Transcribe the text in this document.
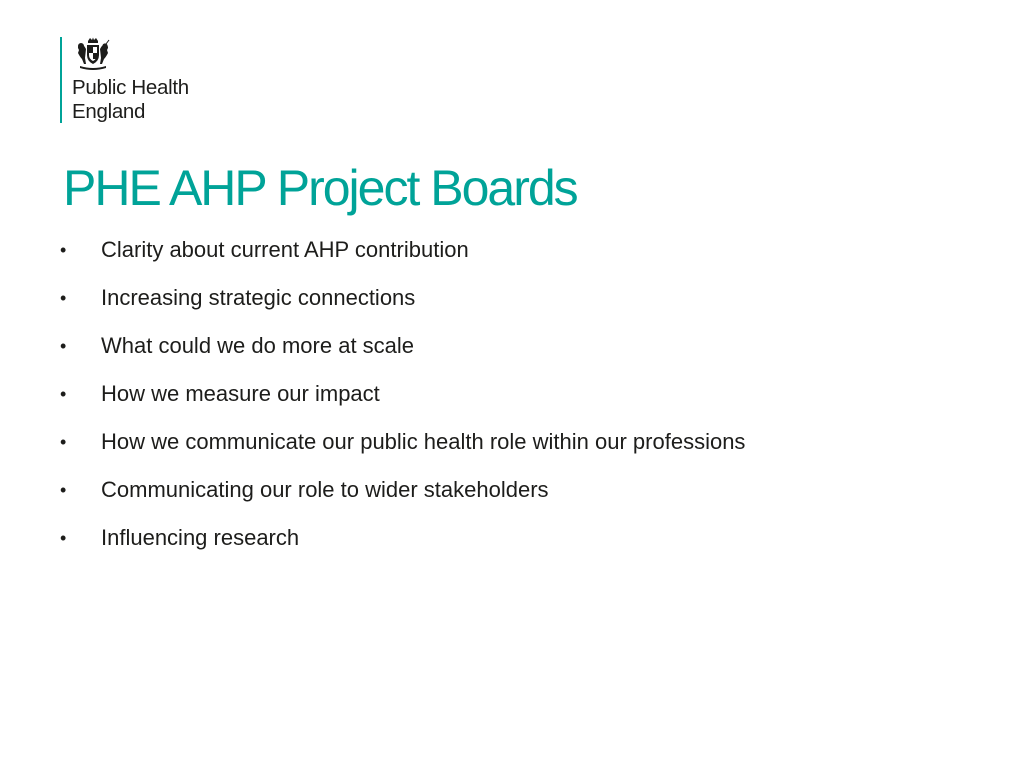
Public Health
England
PHE AHP Project Boards
• Clarity about current AHP contribution
• Increasing strategic connections
• What could we do more at scale
• How we measure our impact
• How we communicate our public health role within our professions
• Communicating our role to wider stakeholders
• Influencing research
